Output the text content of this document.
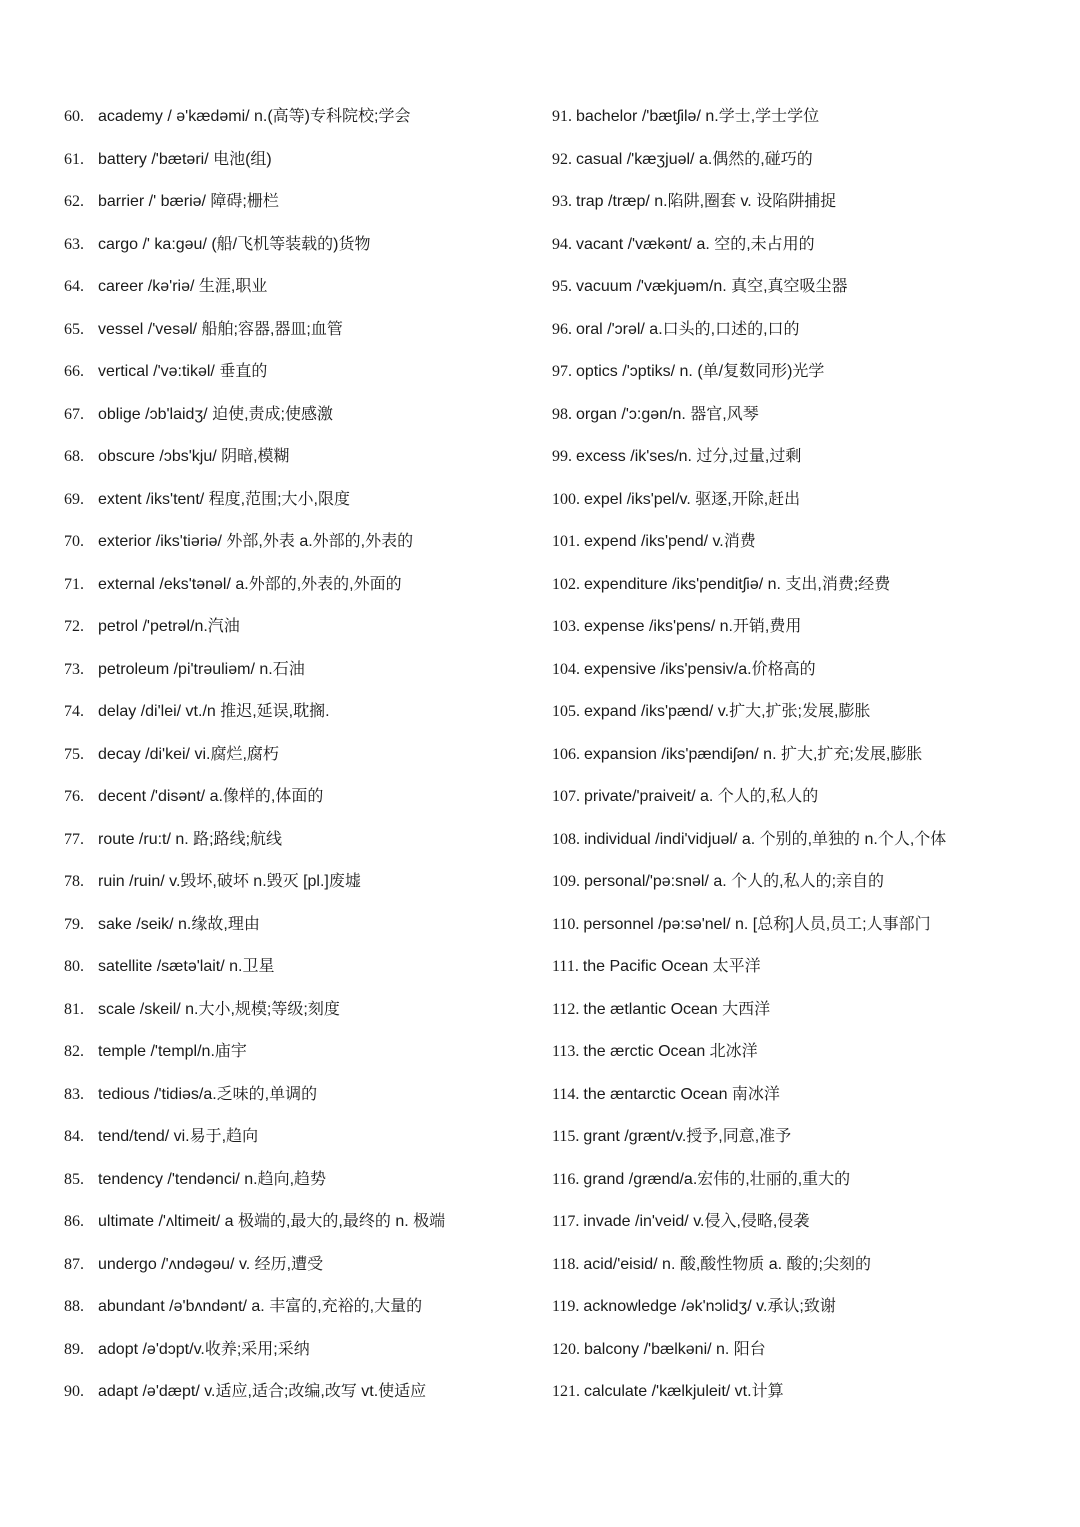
60. academy / ə'kædəmi/ n.(高等)专科院校;学会
61. battery /'bætəri/ 电池(组)
62. barrier /' bæriə/ 障碍;栅栏
63. cargo /' ka:gəu/ (船/飞机等装载的)货物
64. career /kə'riə/ 生涯,职业
65. vessel /'vesəl/ 船舶;容器,器皿;血管
66. vertical /'və:tikəl/ 垂直的
67. oblige /ɔb'laidʒ/ 迫使,责成;使感激
68. obscure /ɔbs'kju/ 阴暗,模糊
69. extent /iks'tent/ 程度,范围;大小,限度
70. exterior /iks'tiəriə/ 外部,外表 a.外部的,外表的
71. external /eks'tənəl/ a.外部的,外表的,外面的
72. petrol /'petrəl/n.汽油
73. petroleum /pi'trəuliəm/ n.石油
74. delay /di'lei/ vt./n 推迟,延误,耽搁.
75. decay /di'kei/ vi.腐烂,腐朽
76. decent /'disənt/ a.像样的,体面的
77. route /ru:t/ n. 路;路线;航线
78. ruin /ruin/ v.毁坏,破坏 n.毁灭 [pl.]废墟
79. sake /seik/ n.缘故,理由
80. satellite /sætə'lait/ n.卫星
81. scale /skeil/ n.大小,规模;等级;刻度
82. temple /'templ/n.庙宇
83. tedious /'tidiəs/a.乏味的,单调的
84. tend/tend/ vi.易于,趋向
85. tendency /'tendənci/ n.趋向,趋势
86. ultimate /'ʌltimeit/ a 极端的,最大的,最终的 n. 极端
87. undergo /'ʌndəgəu/ v. 经历,遭受
88. abundant /ə'bʌndənt/ a. 丰富的,充裕的,大量的
89. adopt /ə'dɔpt/v.收养;采用;采纳
90. adapt /ə'dæpt/ v.适应,适合;改编,改写 vt.使适应
91. bachelor /'bætʃilə/ n.学士,学士学位
92. casual /'kæʒjuəl/ a.偶然的,碰巧的
93. trap /træp/ n.陷阱,圈套 v. 设陷阱捕捉
94. vacant /'vækənt/ a. 空的,未占用的
95. vacuum /'vækjuəm/n. 真空,真空吸尘器
96. oral /'ɔrəl/ a.口头的,口述的,口的
97. optics /'ɔptiks/ n. (单/复数同形)光学
98. organ /'ɔ:gən/n. 器官,风琴
99. excess /ik'ses/n. 过分,过量,过剩
100. expel /iks'pel/v. 驱逐,开除,赶出
101. expend /iks'pend/ v.消费
102. expenditure /iks'penditʃiə/ n. 支出,消费;经费
103. expense /iks'pens/ n.开销,费用
104. expensive /iks'pensiv/a.价格高的
105. expand /iks'pænd/ v.扩大,扩张;发展,膨胀
106. expansion /iks'pændiʃən/ n. 扩大,扩充;发展,膨胀
107. private/'praiveit/ a. 个人的,私人的
108. individual /indi'vidjuəl/ a. 个别的,单独的 n.个人,个体
109. personal/'pə:snəl/ a. 个人的,私人的;亲自的
110. personnel /pə:sə'nel/ n. [总称]人员,员工;人事部门
111. the Pacific Ocean 太平洋
112. the ætlantic Ocean 大西洋
113. the ærctic Ocean 北冰洋
114. the æntarctic Ocean 南冰洋
115. grant /grænt/v.授予,同意,准予
116. grand /grænd/a.宏伟的,壮丽的,重大的
117. invade /in'veid/ v.侵入,侵略,侵袭
118. acid/'eisid/ n. 酸,酸性物质 a. 酸的;尖刻的
119. acknowledge /ək'nɔlidʒ/ v.承认;致谢
120. balcony /'bælkəni/ n. 阳台
121. calculate /'kælkjuleit/ vt.计算
